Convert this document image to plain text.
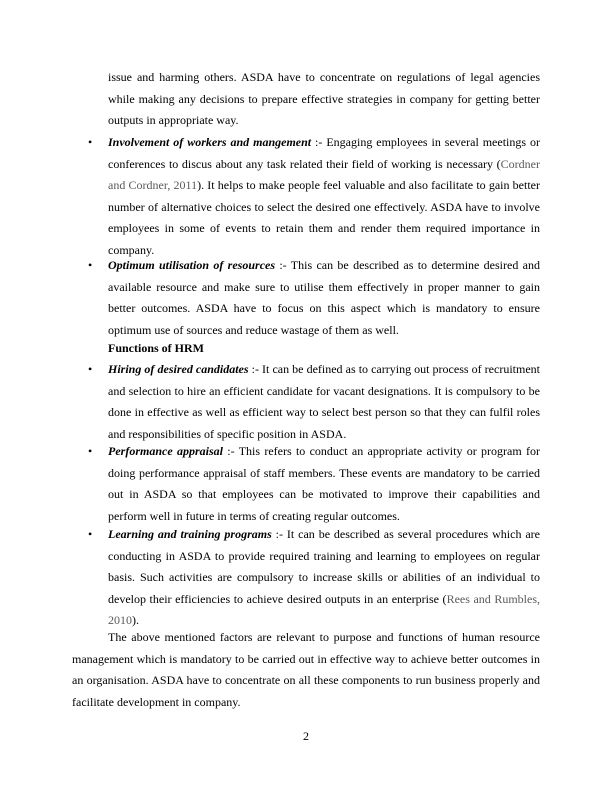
issue and harming others. ASDA have to concentrate on regulations of legal agencies while making any decisions to prepare effective strategies in company for getting better outputs in appropriate way.
• Involvement of workers and mangement :- Engaging employees in several meetings or conferences to discus about any task related their field of working is necessary (Cordner and Cordner, 2011). It helps to make people feel valuable and also facilitate to gain better number of alternative choices to select the desired one effectively. ASDA have to involve employees in some of events to retain them and render them required importance in company.
• Optimum utilisation of resources :- This can be described as to determine desired and available resource and make sure to utilise them effectively in proper manner to gain better outcomes. ASDA have to focus on this aspect which is mandatory to ensure optimum use of sources and reduce wastage of them as well.
Functions of HRM
• Hiring of desired candidates :- It can be defined as to carrying out process of recruitment and selection to hire an efficient candidate for vacant designations. It is compulsory to be done in effective as well as efficient way to select best person so that they can fulfil roles and responsibilities of specific position in ASDA.
• Performance appraisal :- This refers to conduct an appropriate activity or program for doing performance appraisal of staff members. These events are mandatory to be carried out in ASDA so that employees can be motivated to improve their capabilities and perform well in future in terms of creating regular outcomes.
• Learning and training programs :- It can be described as several procedures which are conducting in ASDA to provide required training and learning to employees on regular basis. Such activities are compulsory to increase skills or abilities of an individual to develop their efficiencies to achieve desired outputs in an enterprise (Rees and Rumbles, 2010).
The above mentioned factors are relevant to purpose and functions of human resource management which is mandatory to be carried out in effective way to achieve better outcomes in an organisation. ASDA have to concentrate on all these components to run business properly and facilitate development in company.
2
